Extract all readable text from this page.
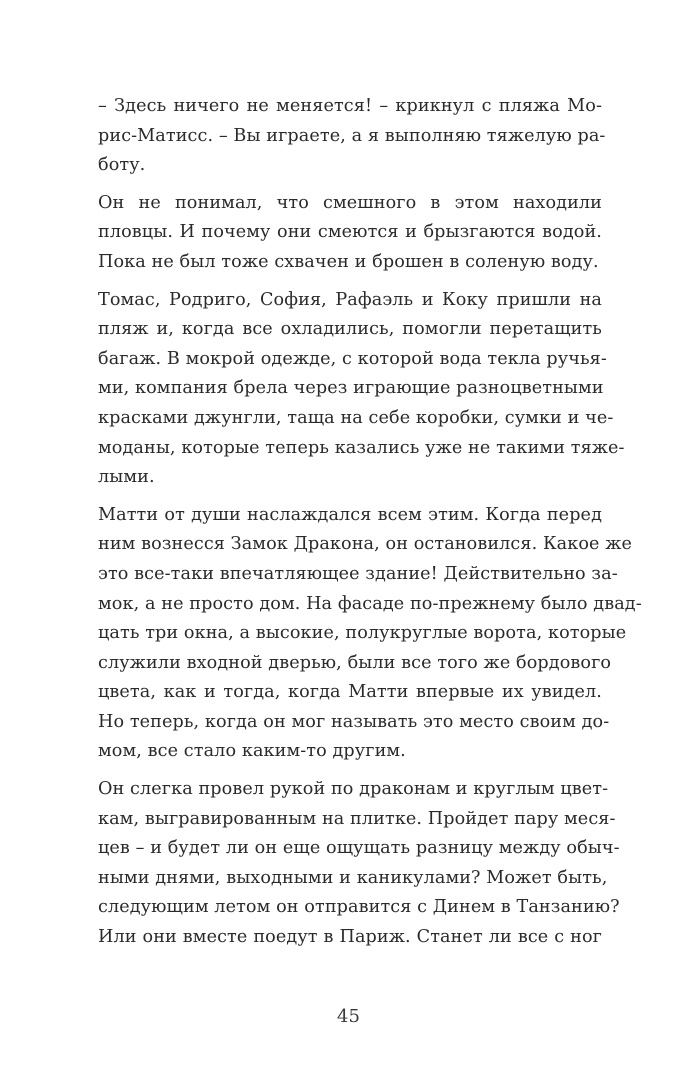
– Здесь ничего не меняется! – крикнул с пляжа Мо-
рис-Матисс. – Вы играете, а я выполняю тяжелую ра-
боту.

Он не понимал, что смешного в этом находили
пловцы. И почему они смеются и брызгаются водой.
Пока не был тоже схвачен и брошен в соленую воду.

Томас, Родриго, София, Рафаэль и Коку пришли на
пляж и, когда все охладились, помогли перетащить
багаж. В мокрой одежде, с которой вода текла ручья-
ми, компания брела через играющие разноцветными
красками джунгли, таща на себе коробки, сумки и че-
моданы, которые теперь казались уже не такими тяже-
лыми.

Матти от души наслаждался всем этим. Когда перед
ним вознесся Замок Дракона, он остановился. Какое же
это все-таки впечатляющее здание! Действительно за-
мок, а не просто дом. На фасаде по-прежнему было двад-
цать три окна, а высокие, полукруглые ворота, которые
служили входной дверью, были все того же бордового
цвета, как и тогда, когда Матти впервые их увидел.
Но теперь, когда он мог называть это место своим до-
мом, все стало каким-то другим.

Он слегка провел рукой по драконам и круглым цвет-
кам, выгравированным на плитке. Пройдет пару меся-
цев – и будет ли он еще ощущать разницу между обыч-
ными днями, выходными и каникулами? Может быть,
следующим летом он отправится с Динем в Танзанию?
Или они вместе поедут в Париж. Станет ли все с ног

45
